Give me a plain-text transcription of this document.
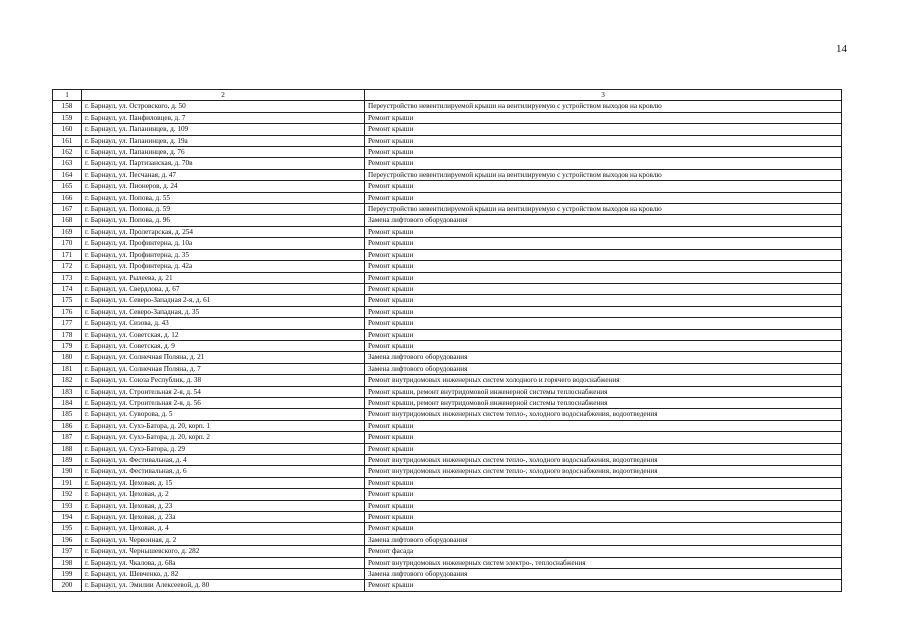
14
1	2	3
158	г. Барнаул, ул. Островского, д. 50	Переустройство невентилируемой крыши на вентилируемую с устройством выходов на кровлю
159	г. Барнаул, ул. Панфиловцев, д. 7	Ремонт крыши
160	г. Барнаул, ул. Папанинцев, д. 109	Ремонт крыши
161	г. Барнаул, ул. Папанинцев, д. 19а	Ремонт крыши
162	г. Барнаул, ул. Папанинцев, д. 76	Ремонт крыши
163	г. Барнаул, ул. Партизанская, д. 70в	Ремонт крыши
164	г. Барнаул, ул. Песчаная, д. 47	Переустройство невентилируемой крыши на вентилируемую с устройством выходов на кровлю
165	г. Барнаул, ул. Пионеров, д. 24	Ремонт крыши
166	г. Барнаул, ул. Попова, д. 55	Ремонт крыши
167	г. Барнаул, ул. Попова, д. 59	Переустройство невентилируемой крыши на вентилируемую с устройством выходов на кровлю
168	г. Барнаул, ул. Попова, д. 96	Замена лифтового оборудования
169	г. Барнаул, ул. Пролетарская, д. 254	Ремонт крыши
170	г. Барнаул, ул. Профинтерна, д. 10а	Ремонт крыши
171	г. Барнаул, ул. Профинтерна, д. 35	Ремонт крыши
172	г. Барнаул, ул. Профинтерна, д. 42а	Ремонт крыши
173	г. Барнаул, ул. Рылеева, д. 21	Ремонт крыши
174	г. Барнаул, ул. Свердлова, д. 67	Ремонт крыши
175	г. Барнаул, ул. Северо-Западная 2-я, д. 61	Ремонт крыши
176	г. Барнаул, ул. Северо-Западная, д. 35	Ремонт крыши
177	г. Барнаул, ул. Сизова, д. 43	Ремонт крыши
178	г. Барнаул, ул. Советская, д. 12	Ремонт крыши
179	г. Барнаул, ул. Советская, д. 9	Ремонт крыши
180	г. Барнаул, ул. Солнечная Поляна, д. 21	Замена лифтового оборудования
181	г. Барнаул, ул. Солнечная Поляна, д. 7	Замена лифтового оборудования
182	г. Барнаул, ул. Союза Республик, д. 38	Ремонт внутридомовых инженерных систем холодного и горячего водоснабжения
183	г. Барнаул, ул. Строительная 2-я, д. 54	Ремонт крыши, ремонт внутридомовой инженерной системы теплоснабжения
184	г. Барнаул, ул. Строительная 2-я, д. 56	Ремонт крыши, ремонт внутридомовой инженерной системы теплоснабжения
185	г. Барнаул, ул. Суворова, д. 5	Ремонт внутридомовых инженерных систем тепло-, холодного водоснабжения, водоотведения
186	г. Барнаул, ул. Сухэ-Батора, д. 20, корп. 1	Ремонт крыши
187	г. Барнаул, ул. Сухэ-Батора, д. 20, корп. 2	Ремонт крыши
188	г. Барнаул, ул. Сухэ-Батора, д. 29	Ремонт крыши
189	г. Барнаул, ул. Фестивальная, д. 4	Ремонт внутридомовых инженерных систем тепло-, холодного водоснабжения, водоотведения
190	г. Барнаул, ул. Фестивальная, д. 6	Ремонт внутридомовых инженерных систем тепло-, холодного водоснабжения, водоотведения
191	г. Барнаул, ул. Цеховая, д. 15	Ремонт крыши
192	г. Барнаул, ул. Цеховая, д. 2	Ремонт крыши
193	г. Барнаул, ул. Цеховая, д. 23	Ремонт крыши
194	г. Барнаул, ул. Цеховая, д. 23а	Ремонт крыши
195	г. Барнаул, ул. Цеховая, д. 4	Ремонт крыши
196	г. Барнаул, ул. Червонная, д. 2	Замена лифтового оборудования
197	г. Барнаул, ул. Чернышевского, д. 282	Ремонт фасада
198	г. Барнаул, ул. Чкалова, д. 68а	Ремонт внутридомовых инженерных систем электро-, теплоснабжения
199	г. Барнаул, ул. Шевченко, д. 82	Замена лифтового оборудования
200	г. Барнаул, ул. Эмилии Алексеевой, д. 80	Ремонт крыши
